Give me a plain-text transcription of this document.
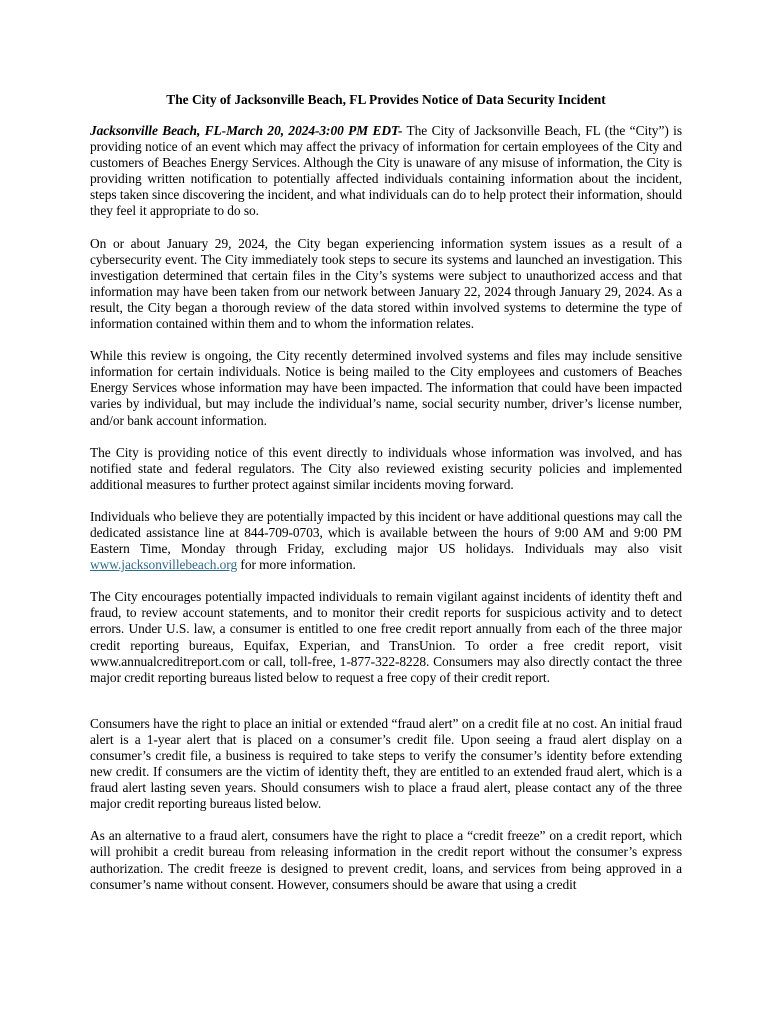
The City of Jacksonville Beach, FL Provides Notice of Data Security Incident

Jacksonville Beach, FL-March 20, 2024-3:00 PM EDT- The City of Jacksonville Beach, FL (the “City”) is providing notice of an event which may affect the privacy of information for certain employees of the City and customers of Beaches Energy Services. Although the City is unaware of any misuse of information, the City is providing written notification to potentially affected individuals containing information about the incident, steps taken since discovering the incident, and what individuals can do to help protect their information, should they feel it appropriate to do so.

On or about January 29, 2024, the City began experiencing information system issues as a result of a cybersecurity event. The City immediately took steps to secure its systems and launched an investigation. This investigation determined that certain files in the City’s systems were subject to unauthorized access and that information may have been taken from our network between January 22, 2024 through January 29, 2024. As a result, the City began a thorough review of the data stored within involved systems to determine the type of information contained within them and to whom the information relates.

While this review is ongoing, the City recently determined involved systems and files may include sensitive information for certain individuals. Notice is being mailed to the City employees and customers of Beaches Energy Services whose information may have been impacted. The information that could have been impacted varies by individual, but may include the individual’s name, social security number, driver’s license number, and/or bank account information.

The City is providing notice of this event directly to individuals whose information was involved, and has notified state and federal regulators. The City also reviewed existing security policies and implemented additional measures to further protect against similar incidents moving forward.

Individuals who believe they are potentially impacted by this incident or have additional questions may call the dedicated assistance line at 844-709-0703, which is available between the hours of 9:00 AM and 9:00 PM Eastern Time, Monday through Friday, excluding major US holidays. Individuals may also visit www.jacksonvillebeach.org for more information.

The City encourages potentially impacted individuals to remain vigilant against incidents of identity theft and fraud, to review account statements, and to monitor their credit reports for suspicious activity and to detect errors. Under U.S. law, a consumer is entitled to one free credit report annually from each of the three major credit reporting bureaus, Equifax, Experian, and TransUnion. To order a free credit report, visit www.annualcreditreport.com or call, toll-free, 1-877-322-8228. Consumers may also directly contact the three major credit reporting bureaus listed below to request a free copy of their credit report.

Consumers have the right to place an initial or extended “fraud alert” on a credit file at no cost. An initial fraud alert is a 1-year alert that is placed on a consumer’s credit file. Upon seeing a fraud alert display on a consumer’s credit file, a business is required to take steps to verify the consumer’s identity before extending new credit. If consumers are the victim of identity theft, they are entitled to an extended fraud alert, which is a fraud alert lasting seven years. Should consumers wish to place a fraud alert, please contact any of the three major credit reporting bureaus listed below.

As an alternative to a fraud alert, consumers have the right to place a “credit freeze” on a credit report, which will prohibit a credit bureau from releasing information in the credit report without the consumer’s express authorization. The credit freeze is designed to prevent credit, loans, and services from being approved in a consumer’s name without consent. However, consumers should be aware that using a credit
